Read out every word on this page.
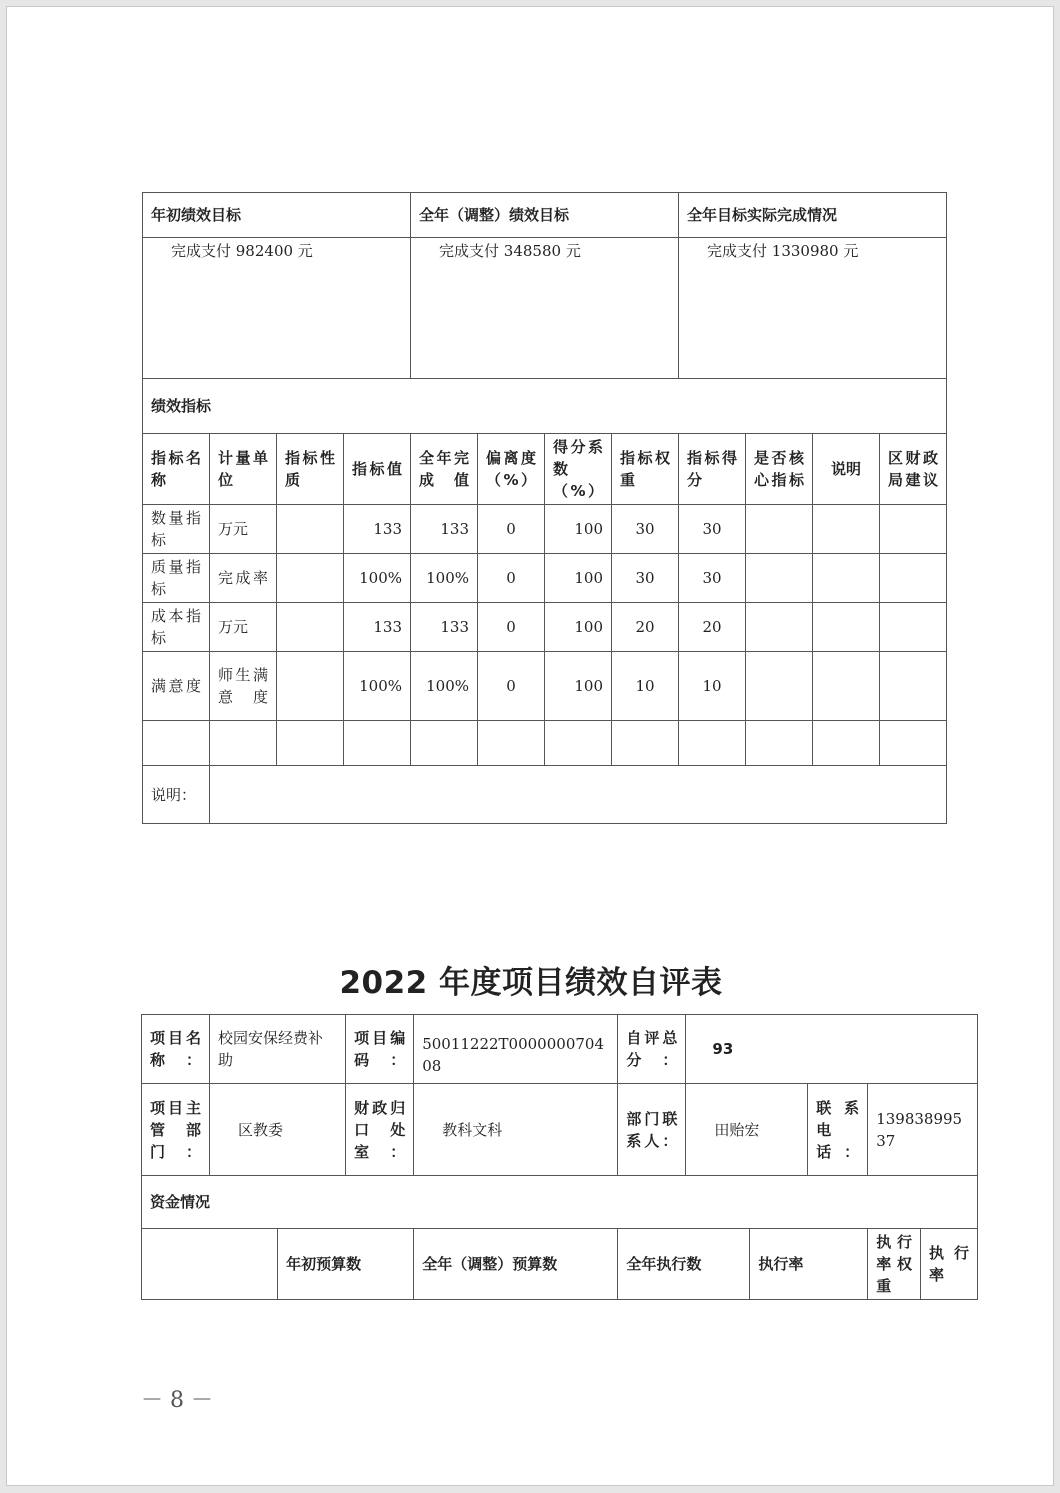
年初绩效目标				全年（调整）绩效目标				全年目标实际完成情况			
完成支付 982400 元				完成支付 348580 元				完成支付 1330980 元			
绩效指标											
指标名称	计量单位	指标性质	指标值	全年完成值	偏离度（%）	得分系数（%）	指标权重	指标得分	是否核心指标	说明	区财政局建议
数量指标	万元		133	133	0	100	30	30			
质量指标	完成率		100%	100%	0	100	30	30			
成本指标	万元		133	133	0	100	20	20			
满意度	师生满意度		100%	100%	0	100	10	10			

说明：											
2022 年度项目绩效自评表
项目名称：	校园安保经费补助		项目编码：	50011222T000000070408	自评总分：	93				
项目主管部门：	区教委		财政归口处室：	教科文科	部门联系人：	田贻宏		联系电话：	13983899537	
资金情况										
		年初预算数		全年（调整）预算数	全年执行数		执行率		执行率权重	执行率
－ 8 －
